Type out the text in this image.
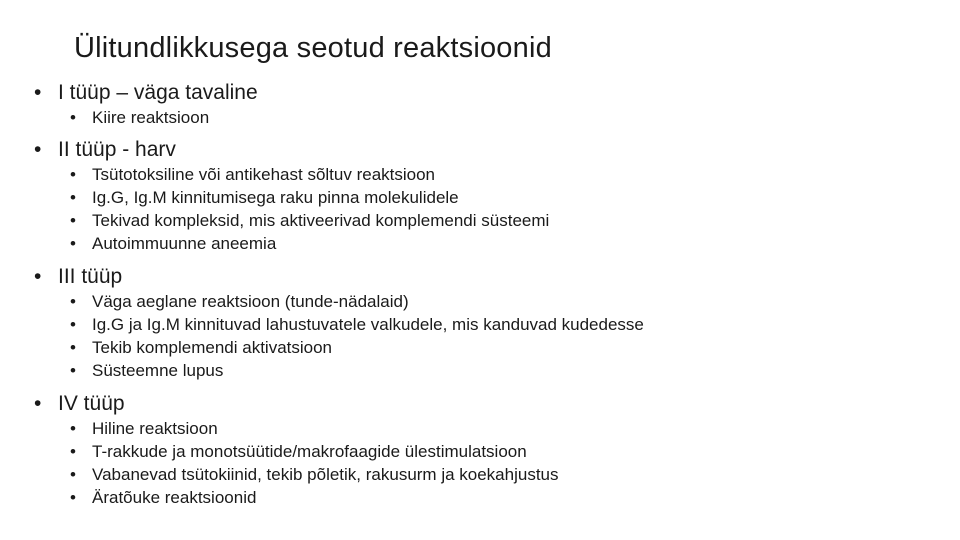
Ülitundlikkusega seotud reaktsioonid
• I tüüp – väga tavaline
• Kiire reaktsioon
• II tüüp - harv
• Tsütotoksiline või antikehast sõltuv reaktsioon
• Ig.G, Ig.M kinnitumisega raku pinna molekulidele
• Tekivad kompleksid, mis aktiveerivad komplemendi süsteemi
• Autoimmuunne aneemia
• III tüüp
• Väga aeglane reaktsioon (tunde-nädalaid)
• Ig.G ja Ig.M kinnituvad lahustuvatele valkudele, mis kanduvad kudedesse
• Tekib komplemendi aktivatsioon
• Süsteemne lupus
• IV tüüp
• Hiline reaktsioon
• T-rakkude ja monotsüütide/makrofaagide ülestimulatsioon
• Vabanevad tsütokiinid, tekib põletik, rakusurm ja koekahjustus
• Äratõuke reaktsioonid
